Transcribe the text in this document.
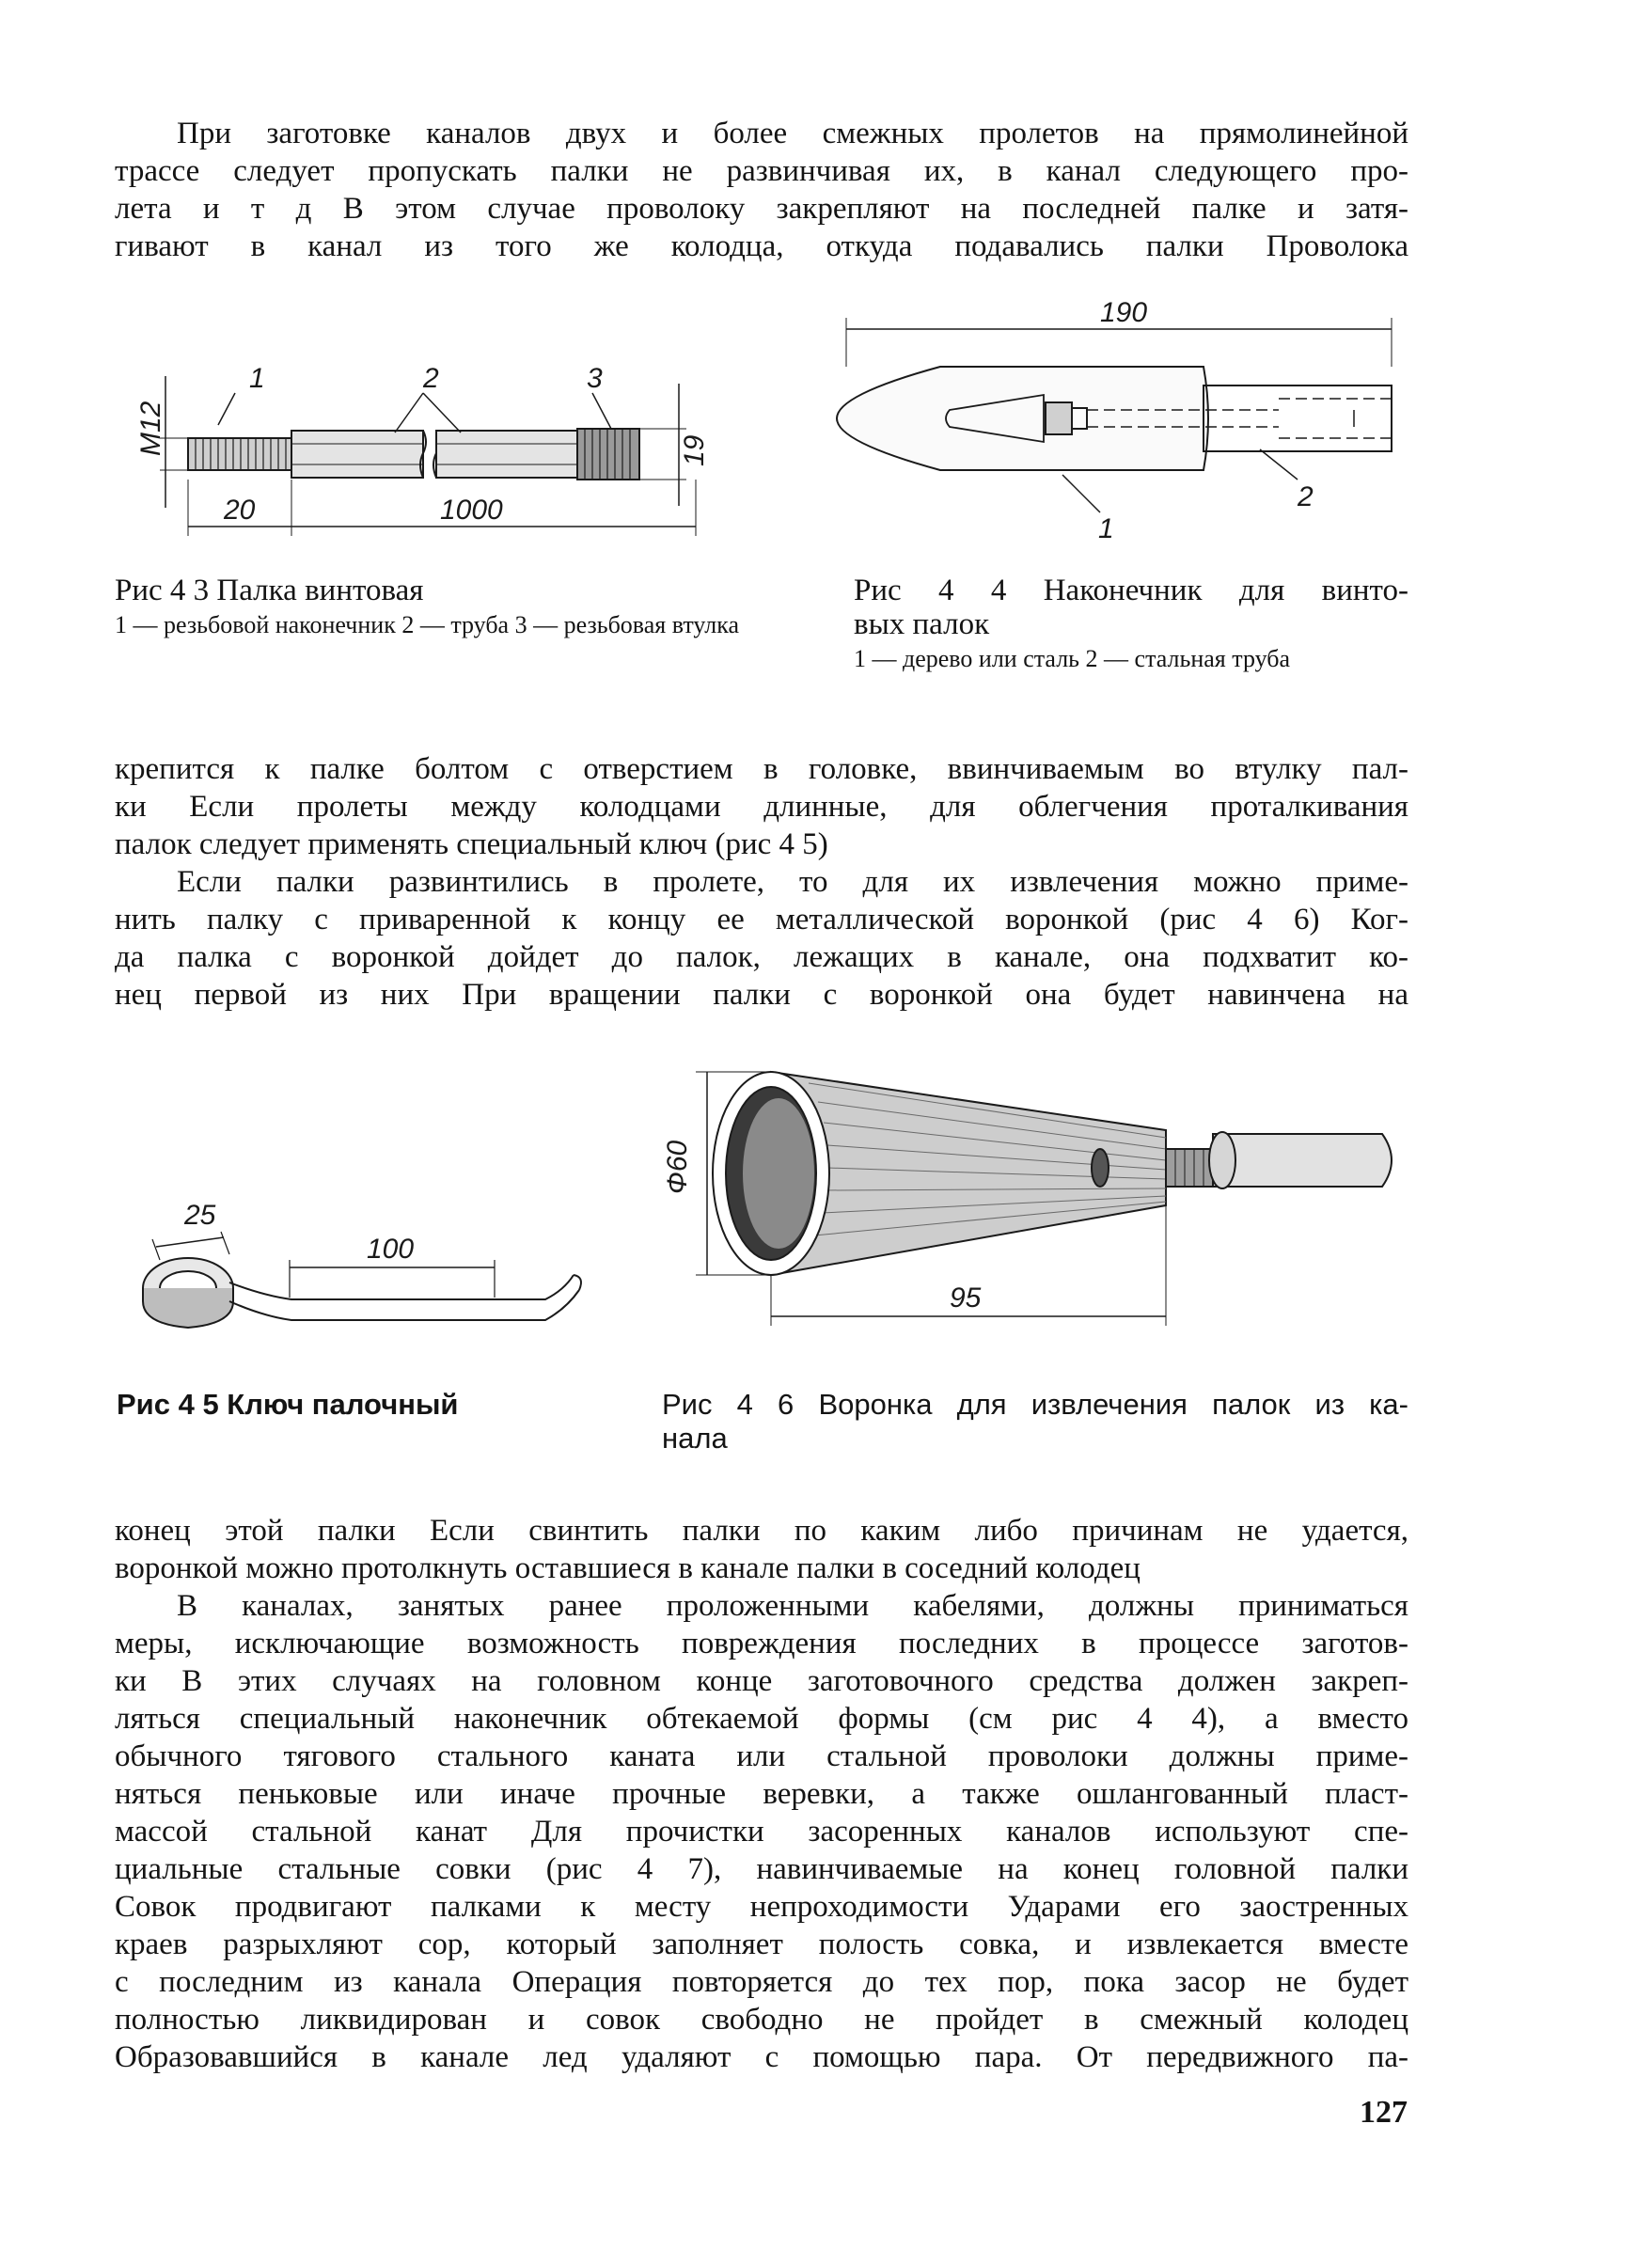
При заготовке каналов двух и более смежных пролетов на прямолинейной

трассе следует пропускать палки не развинчивая их, в канал следующего про-

лета и т д В этом случае проволоку закрепляют на последней палке и затя-

гивают в канал из того же колодца, откуда подавались палки Проволока

1	2	3
M12	19
20	1000

Рис 4 3 Палка винтовая

1 — резьбовой наконечник 2 — труба 3 — резьбовая втулка

190
1
2

Рис 4 4 Наконечник для винто-

вых палок

1 — дерево или сталь 2 — стальная труба

крепится к палке болтом с отверстием в головке, ввинчиваемым во втулку пал-

ки Если пролеты между колодцами длинные, для облегчения проталкивания

палок следует применять специальный ключ (рис 4 5)

Если палки развинтились в пролете, то для их извлечения можно приме-

нить палку с приваренной к концу ее металлической воронкой (рис 4 6) Ког-

да палка с воронкой дойдет до палок, лежащих в канале, она подхватит ко-

нец первой из них При вращении палки с воронкой она будет навинчена на

25
100

Рис 4 5 Ключ палочный

Ф60
95

Рис 4 6 Воронка для извлечения палок из ка-

нала

конец этой палки Если свинтить палки по каким либо причинам не удается,

воронкой можно протолкнуть оставшиеся в канале палки в соседний колодец

В каналах, занятых ранее проложенными кабелями, должны приниматься

меры, исключающие возможность повреждения последних в процессе заготов-

ки В этих случаях на головном конце заготовочного средства должен закреп-

ляться специальный наконечник обтекаемой формы (см рис 4 4), а вместо

обычного тягового стального каната или стальной проволоки должны приме-

няться пеньковые или иначе прочные веревки, а также ошлангованный пласт-

массой стальной канат Для прочистки засоренных каналов используют спе-

циальные стальные совки (рис 4 7), навинчиваемые на конец головной палки

Совок продвигают палками к месту непроходимости Ударами его заостренных

краев разрыхляют сор, который заполняет полость совка, и извлекается вместе

с последним из канала Операция повторяется до тех пор, пока засор не будет

полностью ликвидирован и совок свободно не пройдет в смежный колодец

Образовавшийся в канале лед удаляют с помощью пара. От передвижного па-

127
